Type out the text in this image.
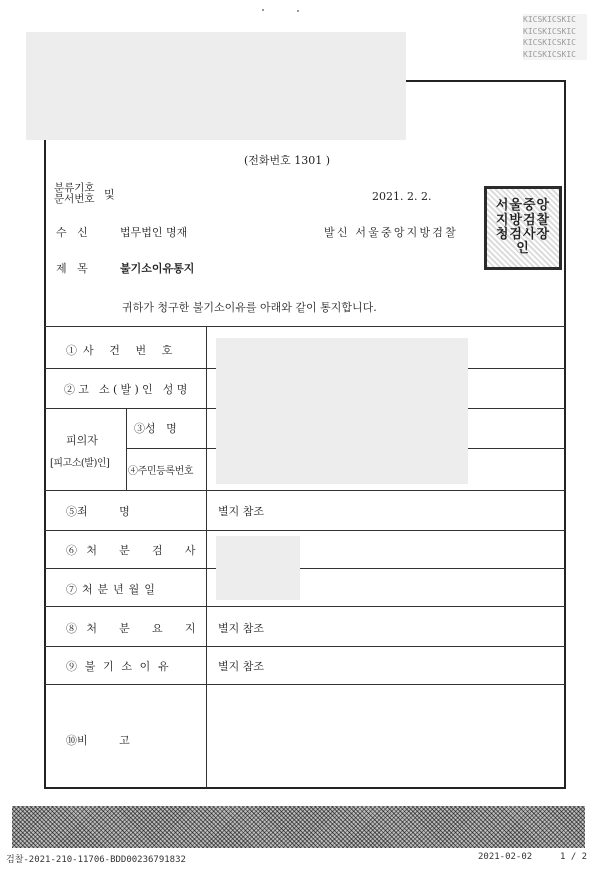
KICSKICSKIC
KICSKICSKIC
KICSKICSKIC
KICSKICSKIC
(전화번호 1301 )
분류기호
문서번호 및	2021. 2. 2.
수   신	법무법인 명재	발신 서울중앙지방검찰
제   목	불기소이유통지
귀하가 청구한 불기소이유를 아래와 같이 통지합니다.
서울중앙지방검찰청검사장인
①사 건 번 호
②고 소(발)인 성명
피의자
[피고소(발)인]
③성   명
④주민등록번호
⑤죄         명	별지 참조
⑥처 분 검 사
⑦처분년월일
⑧처 분 요 지 별지 참조
⑨불기소이유	별지 참조
⑩비         고
검찰-2021-210-11706-BDD00236791832	2021-02-02	1 / 2
